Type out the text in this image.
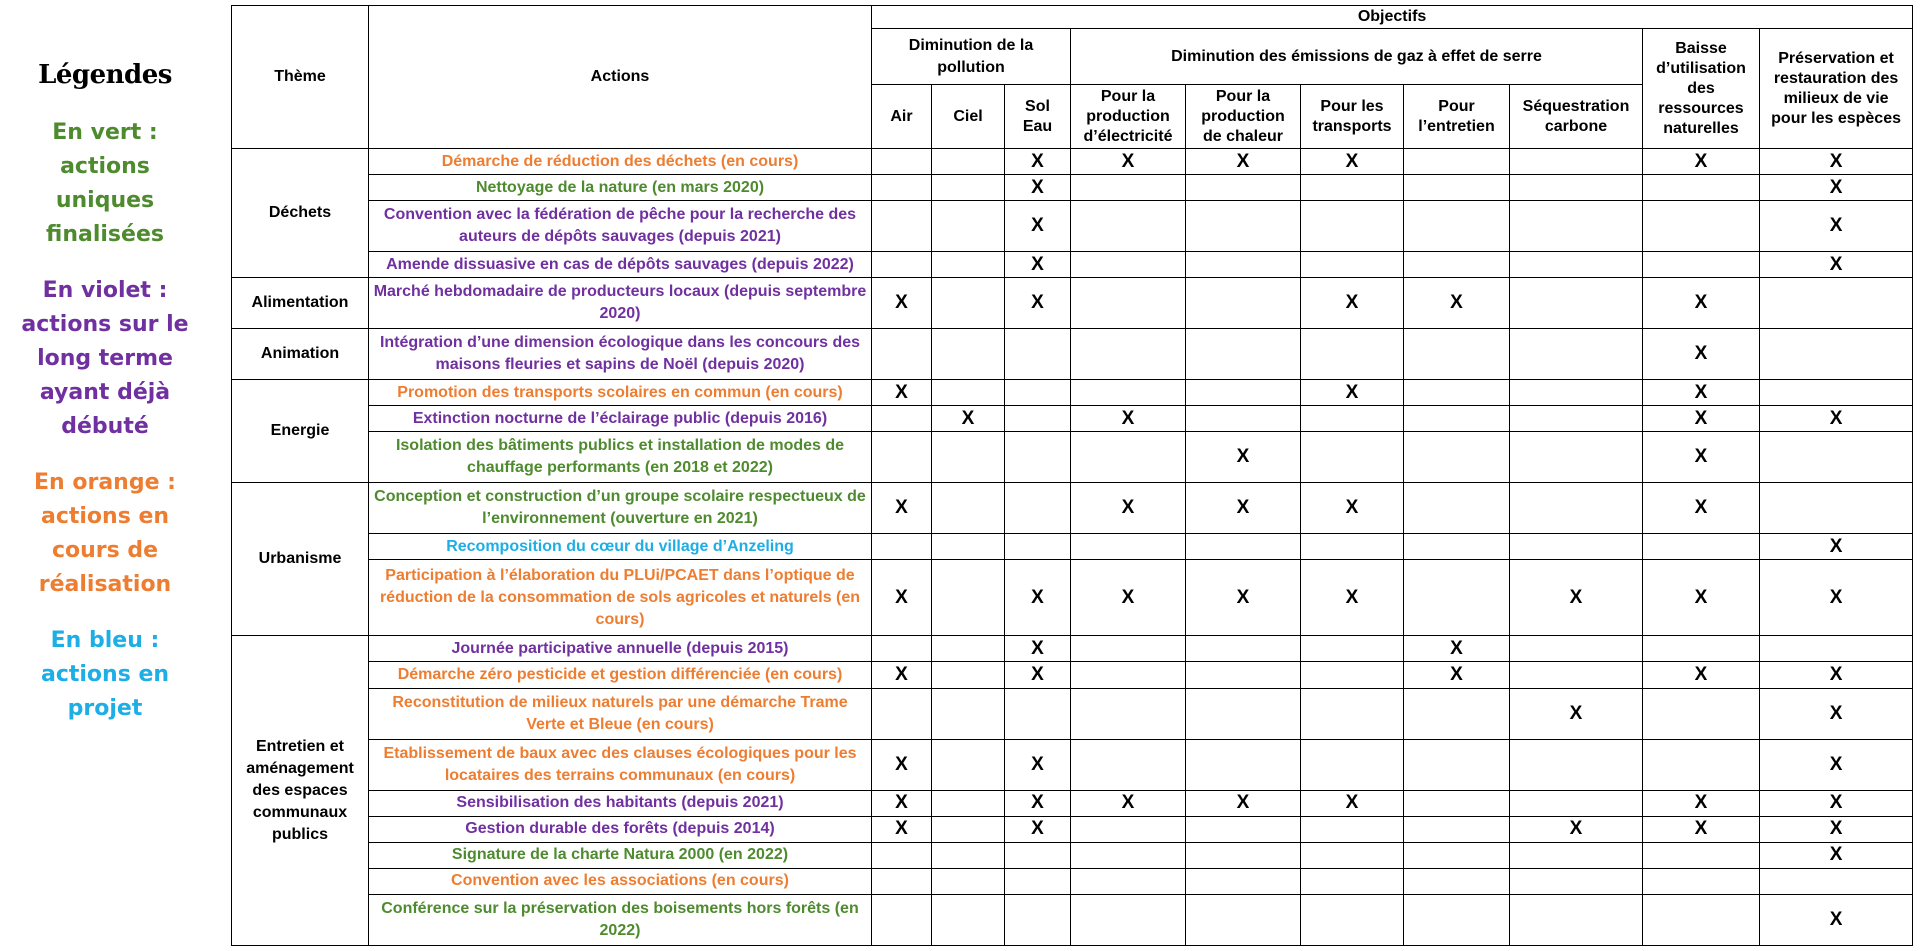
Légendes
En vert :
actions
uniques
finalisées
En violet :
actions sur le
long terme
ayant déjà
débuté
En orange :
actions en
cours de
réalisation
En bleu :
actions en
projet
Thème	Actions	Objectifs									
		Diminution de la pollution			Diminution des émissions de gaz à effet de serre					Baisse d’utilisation des ressources naturelles	Préservation et restauration des milieux de vie pour les espèces
		Air	Ciel	Sol Eau	Pour la production d’électricité	Pour la production de chaleur	Pour les transports	Pour l’entretien	Séquestration carbone		
Déchets	Démarche de réduction des déchets (en cours)			X	X	X	X			X	X
	Nettoyage de la nature (en mars 2020)			X							X
	Convention avec la fédération de pêche pour la recherche des auteurs de dépôts sauvages (depuis 2021)			X							X
	Amende dissuasive en cas de dépôts sauvages (depuis 2022)			X							X
Alimentation	Marché hebdomadaire de producteurs locaux (depuis septembre 2020)	X		X			X	X		X	
Animation	Intégration d’une dimension écologique dans les concours des maisons fleuries et sapins de Noël (depuis 2020)									X	
Energie	Promotion des transports scolaires en commun (en cours)	X					X			X	
	Extinction nocturne de l’éclairage public (depuis 2016)		X		X					X	X
	Isolation des bâtiments publics et installation de modes de chauffage performants (en 2018 et 2022)					X				X	
Urbanisme	Conception et construction d’un groupe scolaire respectueux de l’environnement (ouverture en 2021)	X			X	X	X			X	
	Recomposition du cœur du village d’Anzeling										X
	Participation à l’élaboration du PLUi/PCAET dans l’optique de réduction de la consommation de sols agricoles et naturels (en cours)	X		X	X	X	X		X	X	X
Entretien et aménagement des espaces communaux publics	Journée participative annuelle (depuis 2015)			X				X			
	Démarche zéro pesticide et gestion différenciée (en cours)	X		X				X		X	X
	Reconstitution de milieux naturels par une démarche Trame Verte et Bleue (en cours)								X		X
	Etablissement de baux avec des clauses écologiques pour les locataires des terrains communaux (en cours)	X		X							X
	Sensibilisation des habitants (depuis 2021)	X		X	X	X	X			X	X
	Gestion durable des forêts (depuis 2014)	X		X					X	X	X
	Signature de la charte Natura 2000 (en 2022)										X
	Convention avec les associations (en cours)										
	Conférence sur la préservation des boisements hors forêts (en 2022)										X
